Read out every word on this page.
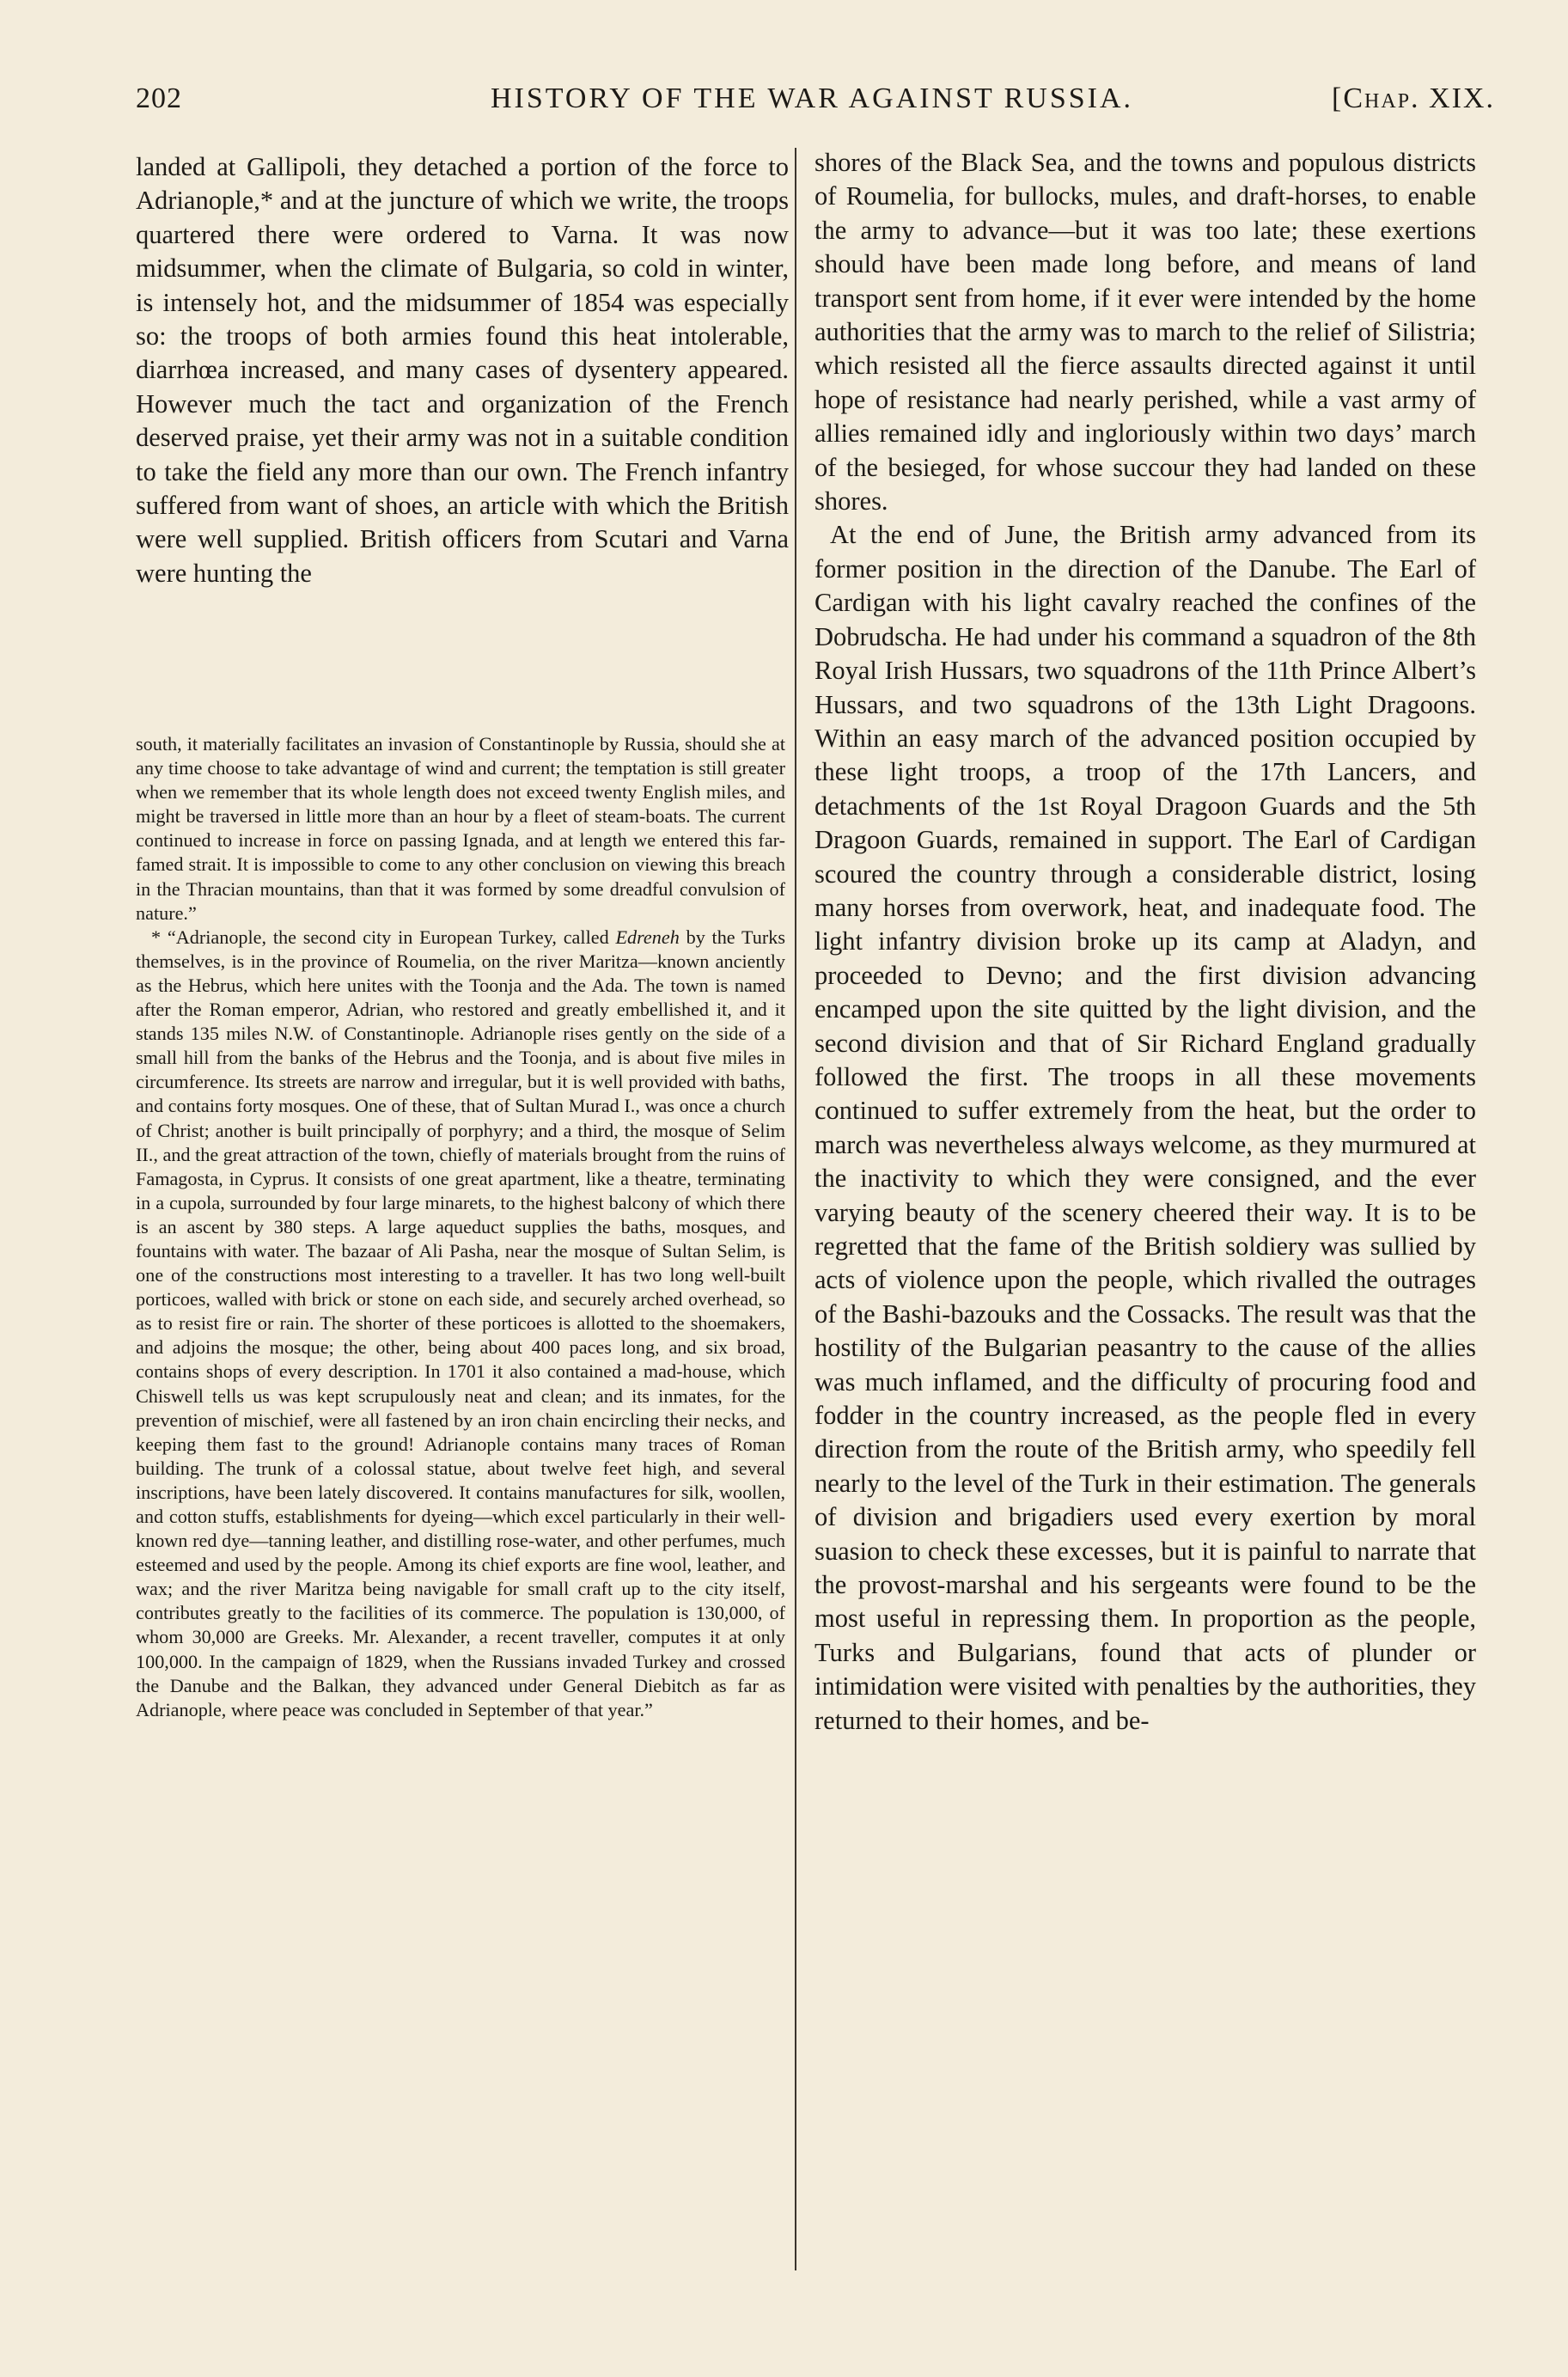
202	HISTORY OF THE WAR AGAINST RUSSIA.	[Chap. XIX.
landed at Gallipoli, they detached a portion of the force to Adrianople,* and at the juncture of which we write, the troops quartered there were ordered to Varna. It was now midsummer, when the climate of Bulgaria, so cold in winter, is intensely hot, and the midsummer of 1854 was especially so: the troops of both armies found this heat intolerable, diarrhœa increased, and many cases of dysentery appeared. However much the tact and organization of the French deserved praise, yet their army was not in a suitable condition to take the field any more than our own. The French infantry suffered from want of shoes, an article with which the British were well supplied. British officers from Scutari and Varna were hunting the

south, it materially facilitates an invasion of Constantinople by Russia, should she at any time choose to take advantage of wind and current; the temptation is still greater when we remember that its whole length does not exceed twenty English miles, and might be traversed in little more than an hour by a fleet of steam-boats. The current continued to increase in force on passing Ignada, and at length we entered this far-famed strait. It is impossible to come to any other conclusion on viewing this breach in the Thracian mountains, than that it was formed by some dreadful convulsion of nature.”

* “Adrianople, the second city in European Turkey, called Edreneh by the Turks themselves, is in the province of Roumelia, on the river Maritza—known anciently as the Hebrus, which here unites with the Toonja and the Ada. The town is named after the Roman emperor, Adrian, who restored and greatly embellished it, and it stands 135 miles N.W. of Constantinople. Adrianople rises gently on the side of a small hill from the banks of the Hebrus and the Toonja, and is about five miles in circumference. Its streets are narrow and irregular, but it is well provided with baths, and contains forty mosques. One of these, that of Sultan Murad I., was once a church of Christ; another is built principally of porphyry; and a third, the mosque of Selim II., and the great attraction of the town, chiefly of materials brought from the ruins of Famagosta, in Cyprus. It consists of one great apartment, like a theatre, terminating in a cupola, surrounded by four large minarets, to the highest balcony of which there is an ascent by 380 steps. A large aqueduct supplies the baths, mosques, and fountains with water. The bazaar of Ali Pasha, near the mosque of Sultan Selim, is one of the constructions most interesting to a traveller. It has two long well-built porticoes, walled with brick or stone on each side, and securely arched overhead, so as to resist fire or rain. The shorter of these porticoes is allotted to the shoemakers, and adjoins the mosque; the other, being about 400 paces long, and six broad, contains shops of every description. In 1701 it also contained a mad-house, which Chiswell tells us was kept scrupulously neat and clean; and its inmates, for the prevention of mischief, were all fastened by an iron chain encircling their necks, and keeping them fast to the ground! Adrianople contains many traces of Roman building. The trunk of a colossal statue, about twelve feet high, and several inscriptions, have been lately discovered. It contains manufactures for silk, woollen, and cotton stuffs, establishments for dyeing—which excel particularly in their well-known red dye—tanning leather, and distilling rose-water, and other perfumes, much esteemed and used by the people. Among its chief exports are fine wool, leather, and wax; and the river Maritza being navigable for small craft up to the city itself, contributes greatly to the facilities of its commerce. The population is 130,000, of whom 30,000 are Greeks. Mr. Alexander, a recent traveller, computes it at only 100,000. In the campaign of 1829, when the Russians invaded Turkey and crossed the Danube and the Balkan, they advanced under General Diebitch as far as Adrianople, where peace was concluded in September of that year.”

shores of the Black Sea, and the towns and populous districts of Roumelia, for bullocks, mules, and draft-horses, to enable the army to advance—but it was too late; these exertions should have been made long before, and means of land transport sent from home, if it ever were intended by the home authorities that the army was to march to the relief of Silistria; which resisted all the fierce assaults directed against it until hope of resistance had nearly perished, while a vast army of allies remained idly and ingloriously within two days’ march of the besieged, for whose succour they had landed on these shores.
At the end of June, the British army advanced from its former position in the direction of the Danube. The Earl of Cardigan with his light cavalry reached the confines of the Dobrudscha. He had under his command a squadron of the 8th Royal Irish Hussars, two squadrons of the 11th Prince Albert’s Hussars, and two squadrons of the 13th Light Dragoons. Within an easy march of the advanced position occupied by these light troops, a troop of the 17th Lancers, and detachments of the 1st Royal Dragoon Guards and the 5th Dragoon Guards, remained in support. The Earl of Cardigan scoured the country through a considerable district, losing many horses from overwork, heat, and inadequate food. The light infantry division broke up its camp at Aladyn, and proceeded to Devno; and the first division advancing encamped upon the site quitted by the light division, and the second division and that of Sir Richard England gradually followed the first. The troops in all these movements continued to suffer extremely from the heat, but the order to march was nevertheless always welcome, as they murmured at the inactivity to which they were consigned, and the ever varying beauty of the scenery cheered their way. It is to be regretted that the fame of the British soldiery was sullied by acts of violence upon the people, which rivalled the outrages of the Bashi-bazouks and the Cossacks. The result was that the hostility of the Bulgarian peasantry to the cause of the allies was much inflamed, and the difficulty of procuring food and fodder in the country increased, as the people fled in every direction from the route of the British army, who speedily fell nearly to the level of the Turk in their estimation. The generals of division and brigadiers used every exertion by moral suasion to check these excesses, but it is painful to narrate that the provost-marshal and his sergeants were found to be the most useful in repressing them. In proportion as the people, Turks and Bulgarians, found that acts of plunder or intimidation were visited with penalties by the authorities, they returned to their homes, and be-
